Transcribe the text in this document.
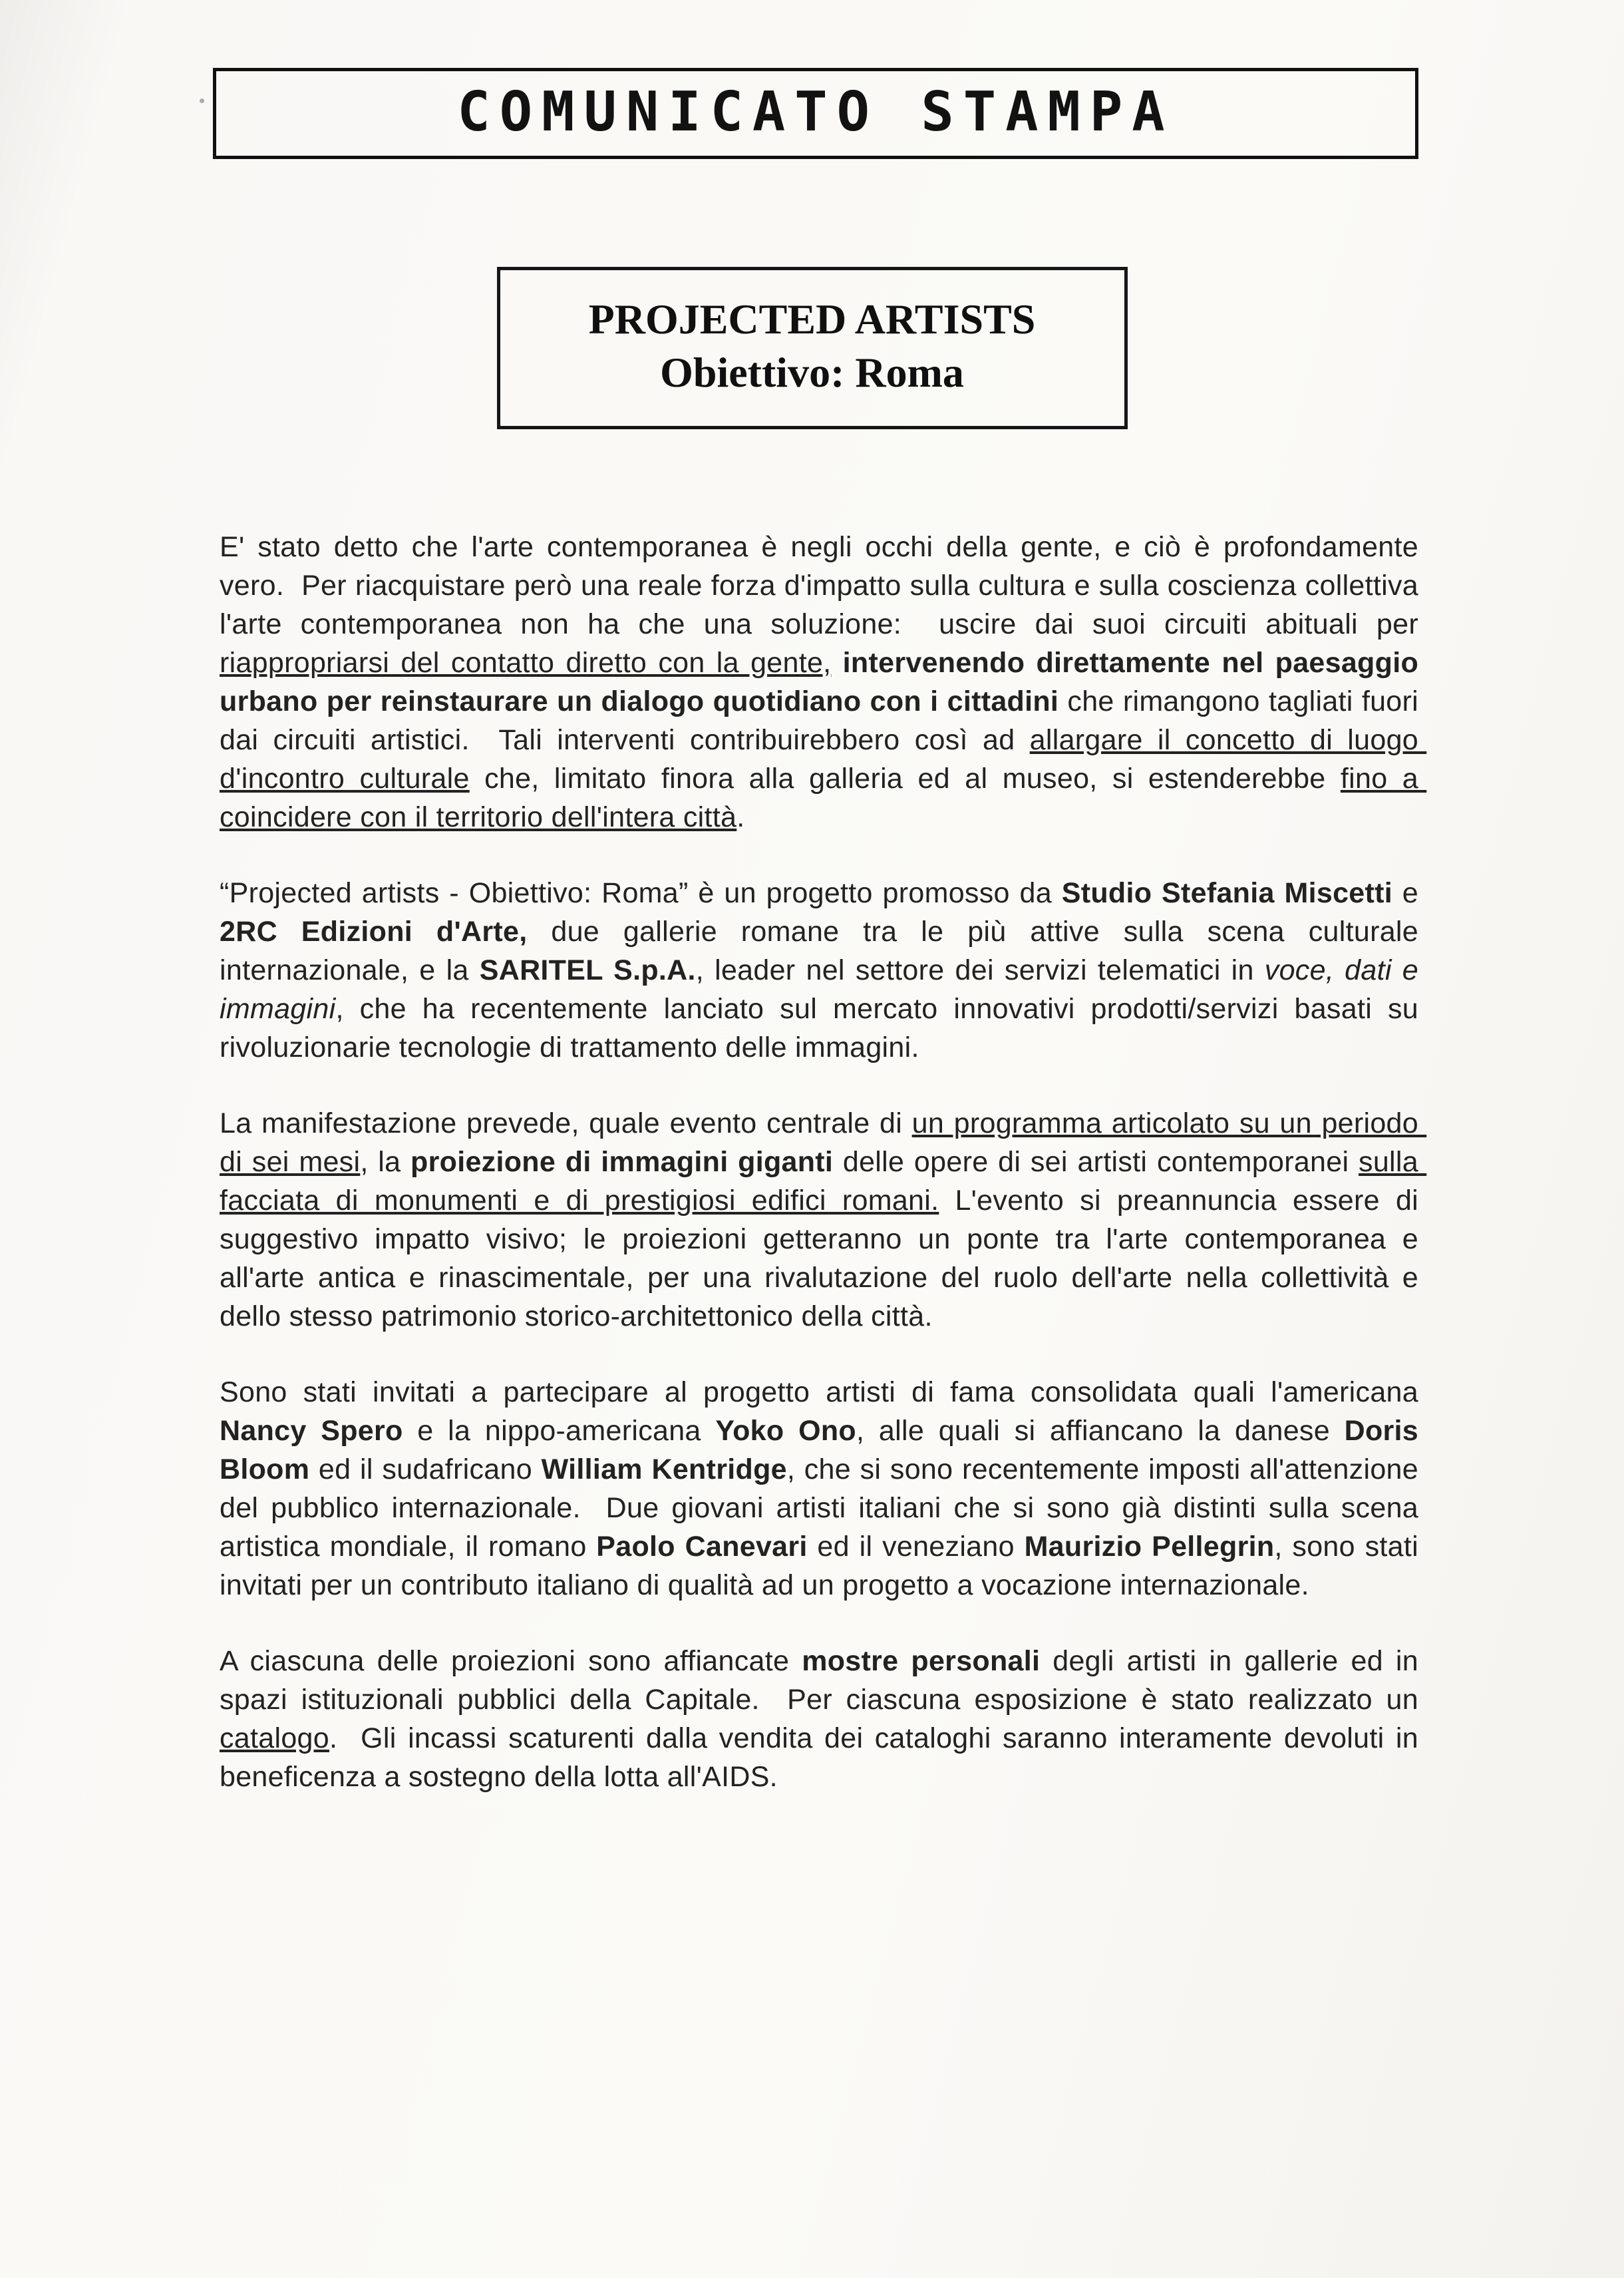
COMUNICATO STAMPA
PROJECTED ARTISTS
Obiettivo: Roma

E' stato detto che l'arte contemporanea è negli occhi della gente, e ciò è profondamente vero.  Per riacquistare però una reale forza d'impatto sulla cultura e sulla coscienza collettiva l'arte contemporanea non ha che una soluzione:  uscire dai suoi circuiti abituali per riappropriarsi del contatto diretto con la gente, intervenendo direttamente nel paesaggio urbano per reinstaurare un dialogo quotidiano con i cittadini che rimangono tagliati fuori dai circuiti artistici.  Tali interventi contribuirebbero così ad allargare il concetto di luogo d'incontro culturale che, limitato finora alla galleria ed al museo, si estenderebbe fino a coincidere con il territorio dell'intera città.

“Projected artists - Obiettivo: Roma” è un progetto promosso da Studio Stefania Miscetti e 2RC Edizioni d'Arte, due gallerie romane tra le più attive sulla scena culturale internazionale, e la SARITEL S.p.A., leader nel settore dei servizi telematici in voce, dati e immagini, che ha recentemente lanciato sul mercato innovativi prodotti/servizi basati su rivoluzionarie tecnologie di trattamento delle immagini.

La manifestazione prevede, quale evento centrale di un programma articolato su un periodo di sei mesi, la proiezione di immagini giganti delle opere di sei artisti contemporanei sulla facciata di monumenti e di prestigiosi edifici romani. L'evento si preannuncia essere di suggestivo impatto visivo; le proiezioni getteranno un ponte tra l'arte contemporanea e all'arte antica e rinascimentale, per una rivalutazione del ruolo dell'arte nella collettività e dello stesso patrimonio storico-architettonico della città.

Sono stati invitati a partecipare al progetto artisti di fama consolidata quali l'americana Nancy Spero e la nippo-americana Yoko Ono, alle quali si affiancano la danese Doris Bloom ed il sudafricano William Kentridge, che si sono recentemente imposti all'attenzione del pubblico internazionale.  Due giovani artisti italiani che si sono già distinti sulla scena artistica mondiale, il romano Paolo Canevari ed il veneziano Maurizio Pellegrin, sono stati invitati per un contributo italiano di qualità ad un progetto a vocazione internazionale.

A ciascuna delle proiezioni sono affiancate mostre personali degli artisti in gallerie ed in spazi istituzionali pubblici della Capitale.  Per ciascuna esposizione è stato realizzato un catalogo.  Gli incassi scaturenti dalla vendita dei cataloghi saranno interamente devoluti in beneficenza a sostegno della lotta all'AIDS.
